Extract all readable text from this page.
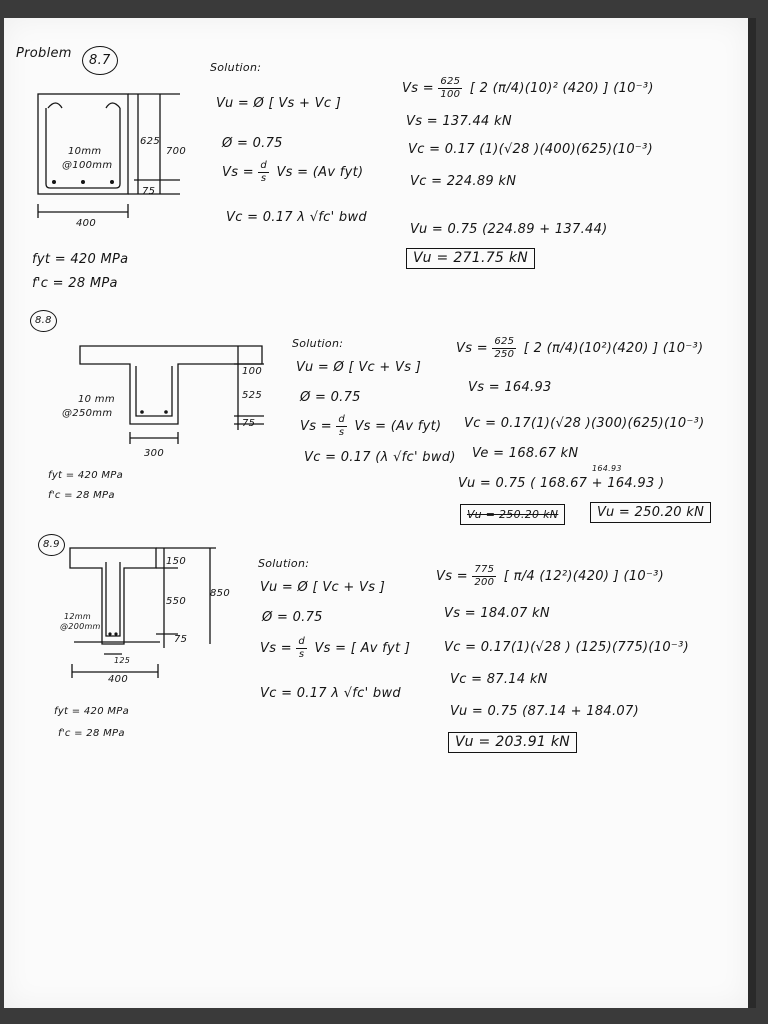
Problem	8.7
10mm
@100mm
625
700
75
400
fyt = 420 MPa
f'c = 28 MPa
Solution:
Vu = Ø [ Vs + Vc ]
Ø = 0.75
$Vs = \frac{d}{s}$ Vs = (Av fyt)
Vc = 0.17 λ √fc' bwd
$Vs = \frac{625}{100}$ [ 2 (π/4)(10)² (420) ] (10⁻³)
Vs = 137.44 kN
Vc = 0.17 (1)(√28 )(400)(625)(10⁻³)
Vc = 224.89 kN
Vu = 0.75 (224.89 + 137.44)
Vu = 271.75 kN
8.8
10 mm
@250mm
100
525
75
300
fyt = 420 MPa
f'c = 28 MPa
Solution:
Vu = Ø [ Vc + Vs ]
Ø = 0.75
$Vs = \frac{d}{s}$ Vs = (Av fyt)
Vc = 0.17 (λ √fc' bwd)
$Vs = \frac{625}{250}$ [ 2 (π/4)(10²)(420) ] (10⁻³)
Vs = 164.93
Vc = 0.17(1)(√28 )(300)(625)(10⁻³)
Ve = 168.67 kN
164.93
Vu = 0.75 ( 168.67 + 164.93 )
Vu = 250.20 kN	Vu = 250.20 kN
8.9
12mm
@200mm
150
550
850
75
125
400
fyt = 420 MPa
f'c = 28 MPa
Solution:
Vu = Ø [ Vc + Vs ]
Ø = 0.75
$Vs = \frac{d}{s}$ Vs = [ Av fyt ]
Vc = 0.17 λ √fc' bwd
$Vs = \frac{775}{200}$ [ π/4 (12²)(420) ] (10⁻³)
Vs = 184.07 kN
Vc = 0.17(1)(√28 ) (125)(775)(10⁻³)
Vc = 87.14 kN
Vu = 0.75 (87.14 + 184.07)
Vu = 203.91 kN
